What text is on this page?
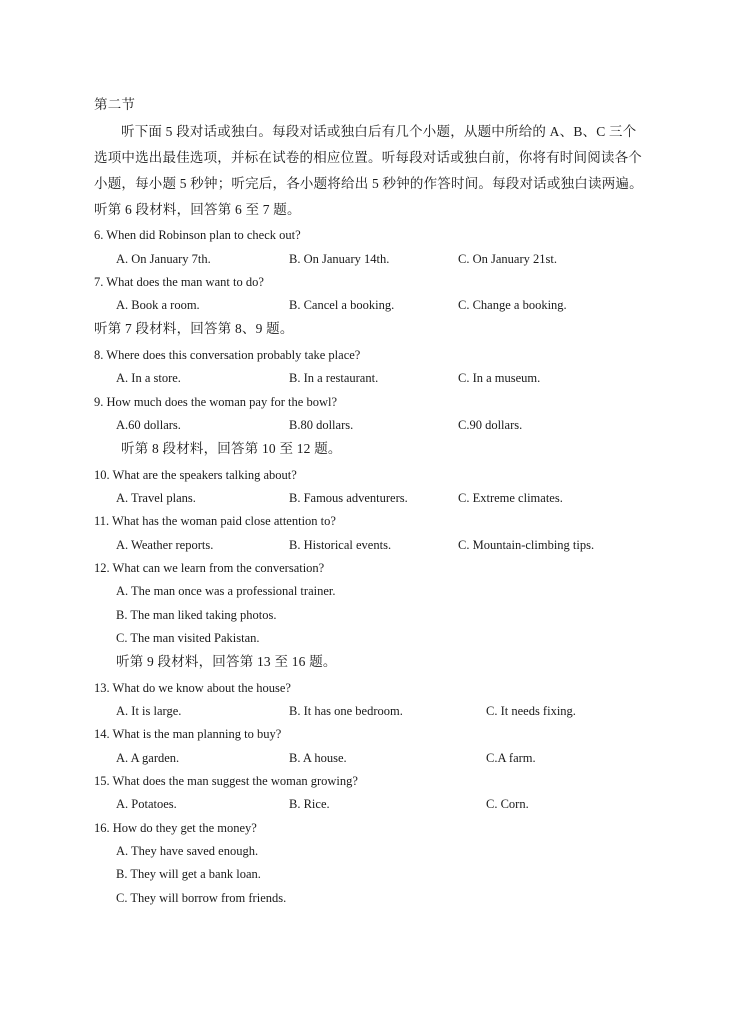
第二节
听下面 5 段对话或独白。每段对话或独白后有几个小题，从题中所给的 A、B、C 三个
选项中选出最佳选项，并标在试卷的相应位置。听每段对话或独白前，你将有时间阅读各个
小题，每小题 5 秒钟；听完后，各小题将给出 5 秒钟的作答时间。每段对话或独白读两遍。
听第 6 段材料，回答第 6 至 7 题。
6. When did Robinson plan to check out?
A. On January 7th.	B. On January 14th.	C. On January 21st.
7. What does the man want to do?
A. Book a room.	B. Cancel a booking.	C. Change a booking.
听第 7 段材料，回答第 8、9 题。
8. Where does this conversation probably take place?
A. In a store.	B. In a restaurant.	C. In a museum.
9. How much does the woman pay for the bowl?
A.60 dollars.	B.80 dollars.	C.90 dollars.
听第 8 段材料，回答第 10 至 12 题。
10. What are the speakers talking about?
A. Travel plans.	B. Famous adventurers.	C. Extreme climates.
11. What has the woman paid close attention to?
A. Weather reports.	B. Historical events.	C. Mountain-climbing tips.
12. What can we learn from the conversation?
A. The man once was a professional trainer.
B. The man liked taking photos.
C. The man visited Pakistan.
听第 9 段材料，回答第 13 至 16 题。
13. What do we know about the house?
A. It is large.	B. It has one bedroom.	C. It needs fixing.
14. What is the man planning to buy?
A. A garden.	B. A house.	C.A farm.
15. What does the man suggest the woman growing?
A. Potatoes.	B. Rice.	C. Corn.
16. How do they get the money?
A. They have saved enough.
B. They will get a bank loan.
C. They will borrow from friends.
